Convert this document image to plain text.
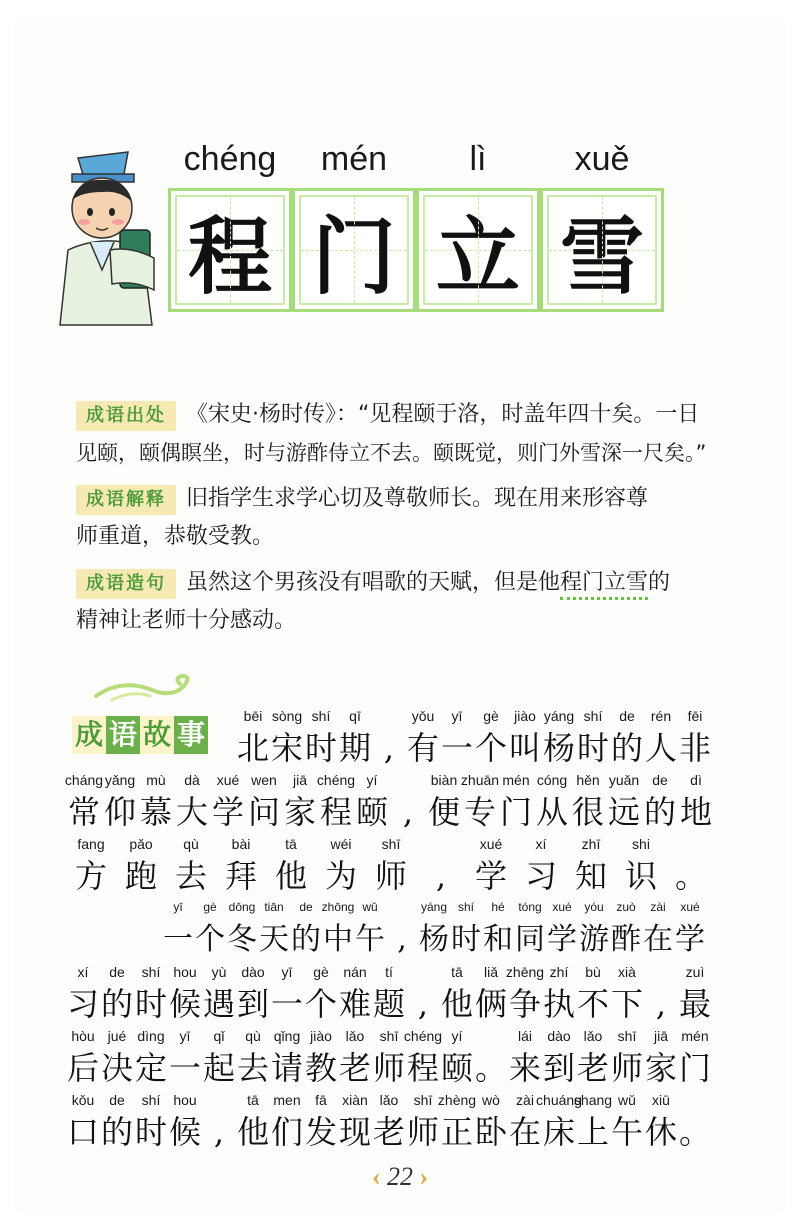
chéng	mén	lì	xuě
程 门 立 雪
成语出处 《宋史·杨时传》：“见程颐于洛，时盖年四十矣。一日
见颐，颐偶瞑坐，时与游酢侍立不去。颐既觉，则门外雪深一尺矣。”
成语解释 旧指学生求学心切及尊敬师长。现在用来形容尊
师重道，恭敬受教。
成语造句 虽然这个男孩没有唱歌的天赋，但是他程门立雪的
精神让老师十分感动。
成 语 故 事
bēi
北
sòng
宋
shí
时
qī
期 ,
yǒu
有
yī
一
gè
个
jiào
叫
yáng
杨
shí
时
de
的
rén
人
fēi
非
cháng
常
yǎng
仰
mù
慕
dà
大
xué
学
wen
问
jiā
家
chéng
程
yí
颐 ,
biàn
便
zhuān
专
mén
门
cóng
从
hěn
很
yuǎn
远
de
的
dì
地
fang
方
pǎo
跑
qù
去
bài
拜
tā
他
wéi
为
shī
师 ,
xué
学
xí
习
zhī
知
shi
识 。
yī
一
gè
个
dōng
冬
tiān
天
de
的
zhōng
中
wǔ
午 ,
yáng
杨
shí
时
hé
和
tóng
同
xué
学
yóu
游
zuò
酢
zài
在
xué
学
xí
习
de
的
shí
时
hou
候
yù
遇
dào
到
yī
一
gè
个
nán
难
tí
题 ,
tā
他
liǎ
俩
zhēng
争
zhí
执
bù
不
xià
下 ,
zuì
最
hòu
后
jué
决
dìng
定
yī
一
qǐ
起
qù
去
qǐng
请
jiào
教
lǎo
老
shī
师
chéng
程
yí
颐 。
lái
来
dào
到
lǎo
老
shī
师
jiā
家
mén
门
kǒu
口
de
的
shí
时
hou
候 ,
tā
他
men
们
fā
发
xiàn
现
lǎo
老
shī
师
zhèng
正
wò
卧
zài
在
chuáng
床
shang
上
wǔ
午
xiū
休 。
‹ 22 ›
